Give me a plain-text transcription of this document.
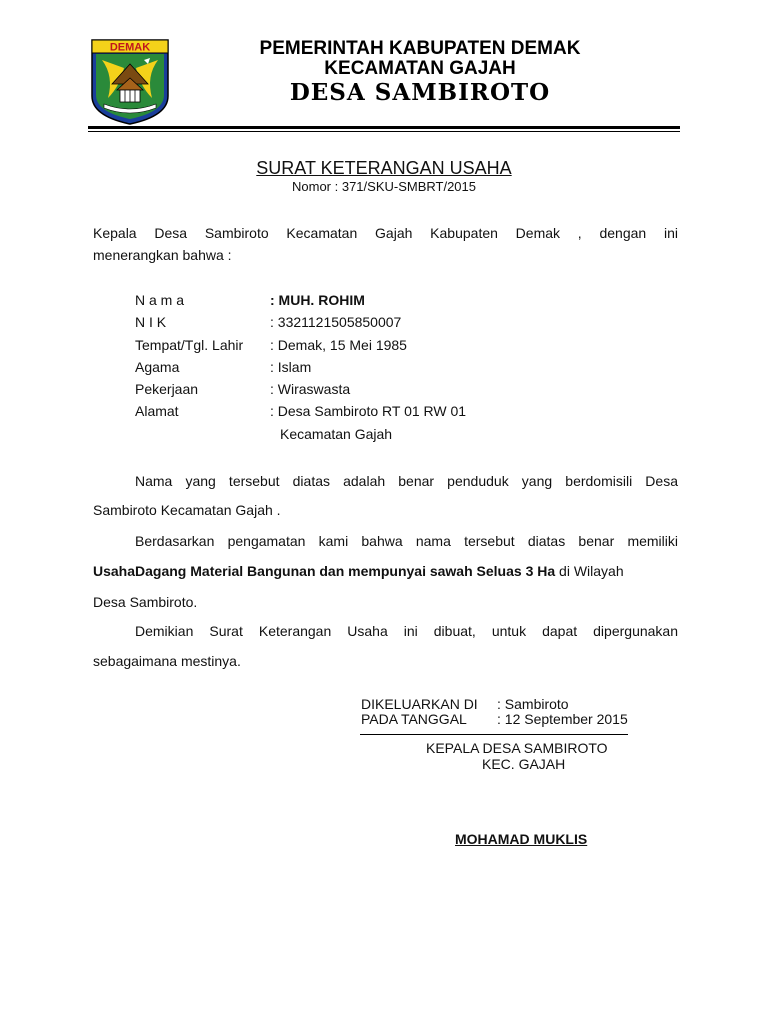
DEMAK	PEMERINTAH KABUPATEN DEMAK
KECAMATAN GAJAH
DESA SAMBIROTO
SURAT KETERANGAN USAHA
Nomor : 371/SKU-SMBRT/2015
Kepala Desa Sambiroto Kecamatan Gajah Kabupaten Demak , dengan ini
menerangkan bahwa :
N a m a	: MUH. ROHIM
N I K	: 3321121505850007
Tempat/Tgl. Lahir : Demak, 15 Mei 1985
Agama	: Islam
Pekerjaan	: Wiraswasta
Alamat	: Desa Sambiroto RT 01 RW 01
Kecamatan Gajah
Nama yang tersebut diatas adalah benar penduduk yang berdomisili Desa
Sambiroto Kecamatan Gajah .
Berdasarkan pengamatan kami bahwa nama tersebut diatas benar memiliki
UsahaDagang Material Bangunan dan mempunyai sawah Seluas 3 Ha di Wilayah
Desa Sambiroto.
Demikian Surat Keterangan Usaha ini dibuat, untuk dapat dipergunakan
sebagaimana mestinya.
DIKELUARKAN DI : Sambiroto
PADA TANGGAL : 12 September 2015
KEPALA DESA SAMBIROTO
KEC. GAJAH
MOHAMAD MUKLIS
